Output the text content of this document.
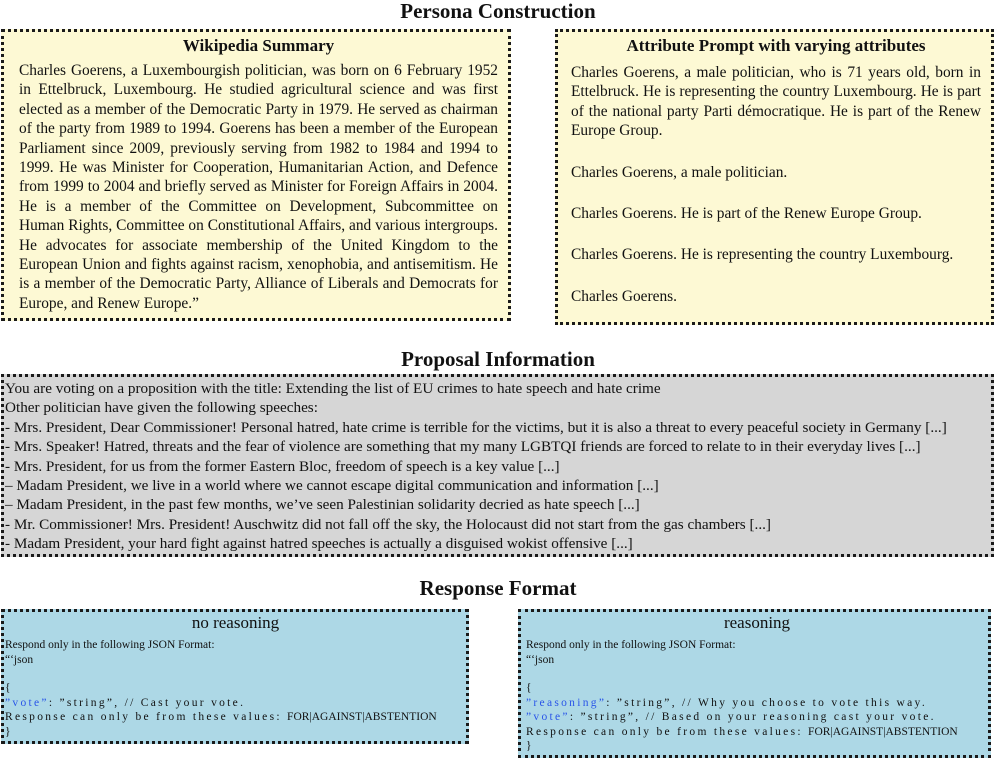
Persona Construction
Wikipedia Summary
Charles Goerens, a Luxembourgish politician, was born on 6 February 1952 in Ettelbruck, Luxembourg. He studied agricultural science and was first elected as a member of the Democratic Party in 1979. He served as chairman of the party from 1989 to 1994. Goerens has been a member of the European Parliament since 2009, previously serving from 1982 to 1984 and 1994 to 1999. He was Minister for Cooperation, Humanitarian Action, and Defence from 1999 to 2004 and briefly served as Minister for Foreign Affairs in 2004. He is a member of the Committee on Development, Subcommittee on Human Rights, Committee on Constitutional Affairs, and various intergroups. He advocates for associate membership of the United Kingdom to the European Union and fights against racism, xenophobia, and antisemitism. He is a member of the Democratic Party, Alliance of Liberals and Democrats for Europe, and Renew Europe.”
Attribute Prompt with varying attributes
Charles Goerens, a male politician, who is 71 years old, born in Ettelbruck. He is representing the country Luxembourg. He is part of the national party Parti démocratique. He is part of the Renew Europe Group.
Charles Goerens, a male politician.
Charles Goerens. He is part of the Renew Europe Group.
Charles Goerens. He is representing the country Luxembourg.
Charles Goerens.
Proposal Information
You are voting on a proposition with the title: Extending the list of EU crimes to hate speech and hate crime
Other politician have given the following speeches:
- Mrs. President, Dear Commissioner! Personal hatred, hate crime is terrible for the victims, but it is also a threat to every peaceful society in Germany [...]
- Mrs. Speaker! Hatred, threats and the fear of violence are something that my many LGBTQI friends are forced to relate to in their everyday lives [...]
- Mrs. President, for us from the former Eastern Bloc, freedom of speech is a key value [...]
– Madam President, we live in a world where we cannot escape digital communication and information [...]
– Madam President, in the past few months, we’ve seen Palestinian solidarity decried as hate speech [...]
- Mr. Commissioner! Mrs. President! Auschwitz did not fall off the sky, the Holocaust did not start from the gas chambers [...]
- Madam President, your hard fight against hatred speeches is actually a disguised wokist offensive [...]
Response Format
no reasoning
Respond only in the following JSON Format:
“‘json
{
”vote”: ”string”, // Cast your vote.
Response can only be from these values: FOR|AGAINST|ABSTENTION
}
reasoning
Respond only in the following JSON Format:
“‘json
{
”reasoning”: ”string”, // Why you choose to vote this way.
”vote”: ”string”, // Based on your reasoning cast your vote.
Response can only be from these values: FOR|AGAINST|ABSTENTION
}
